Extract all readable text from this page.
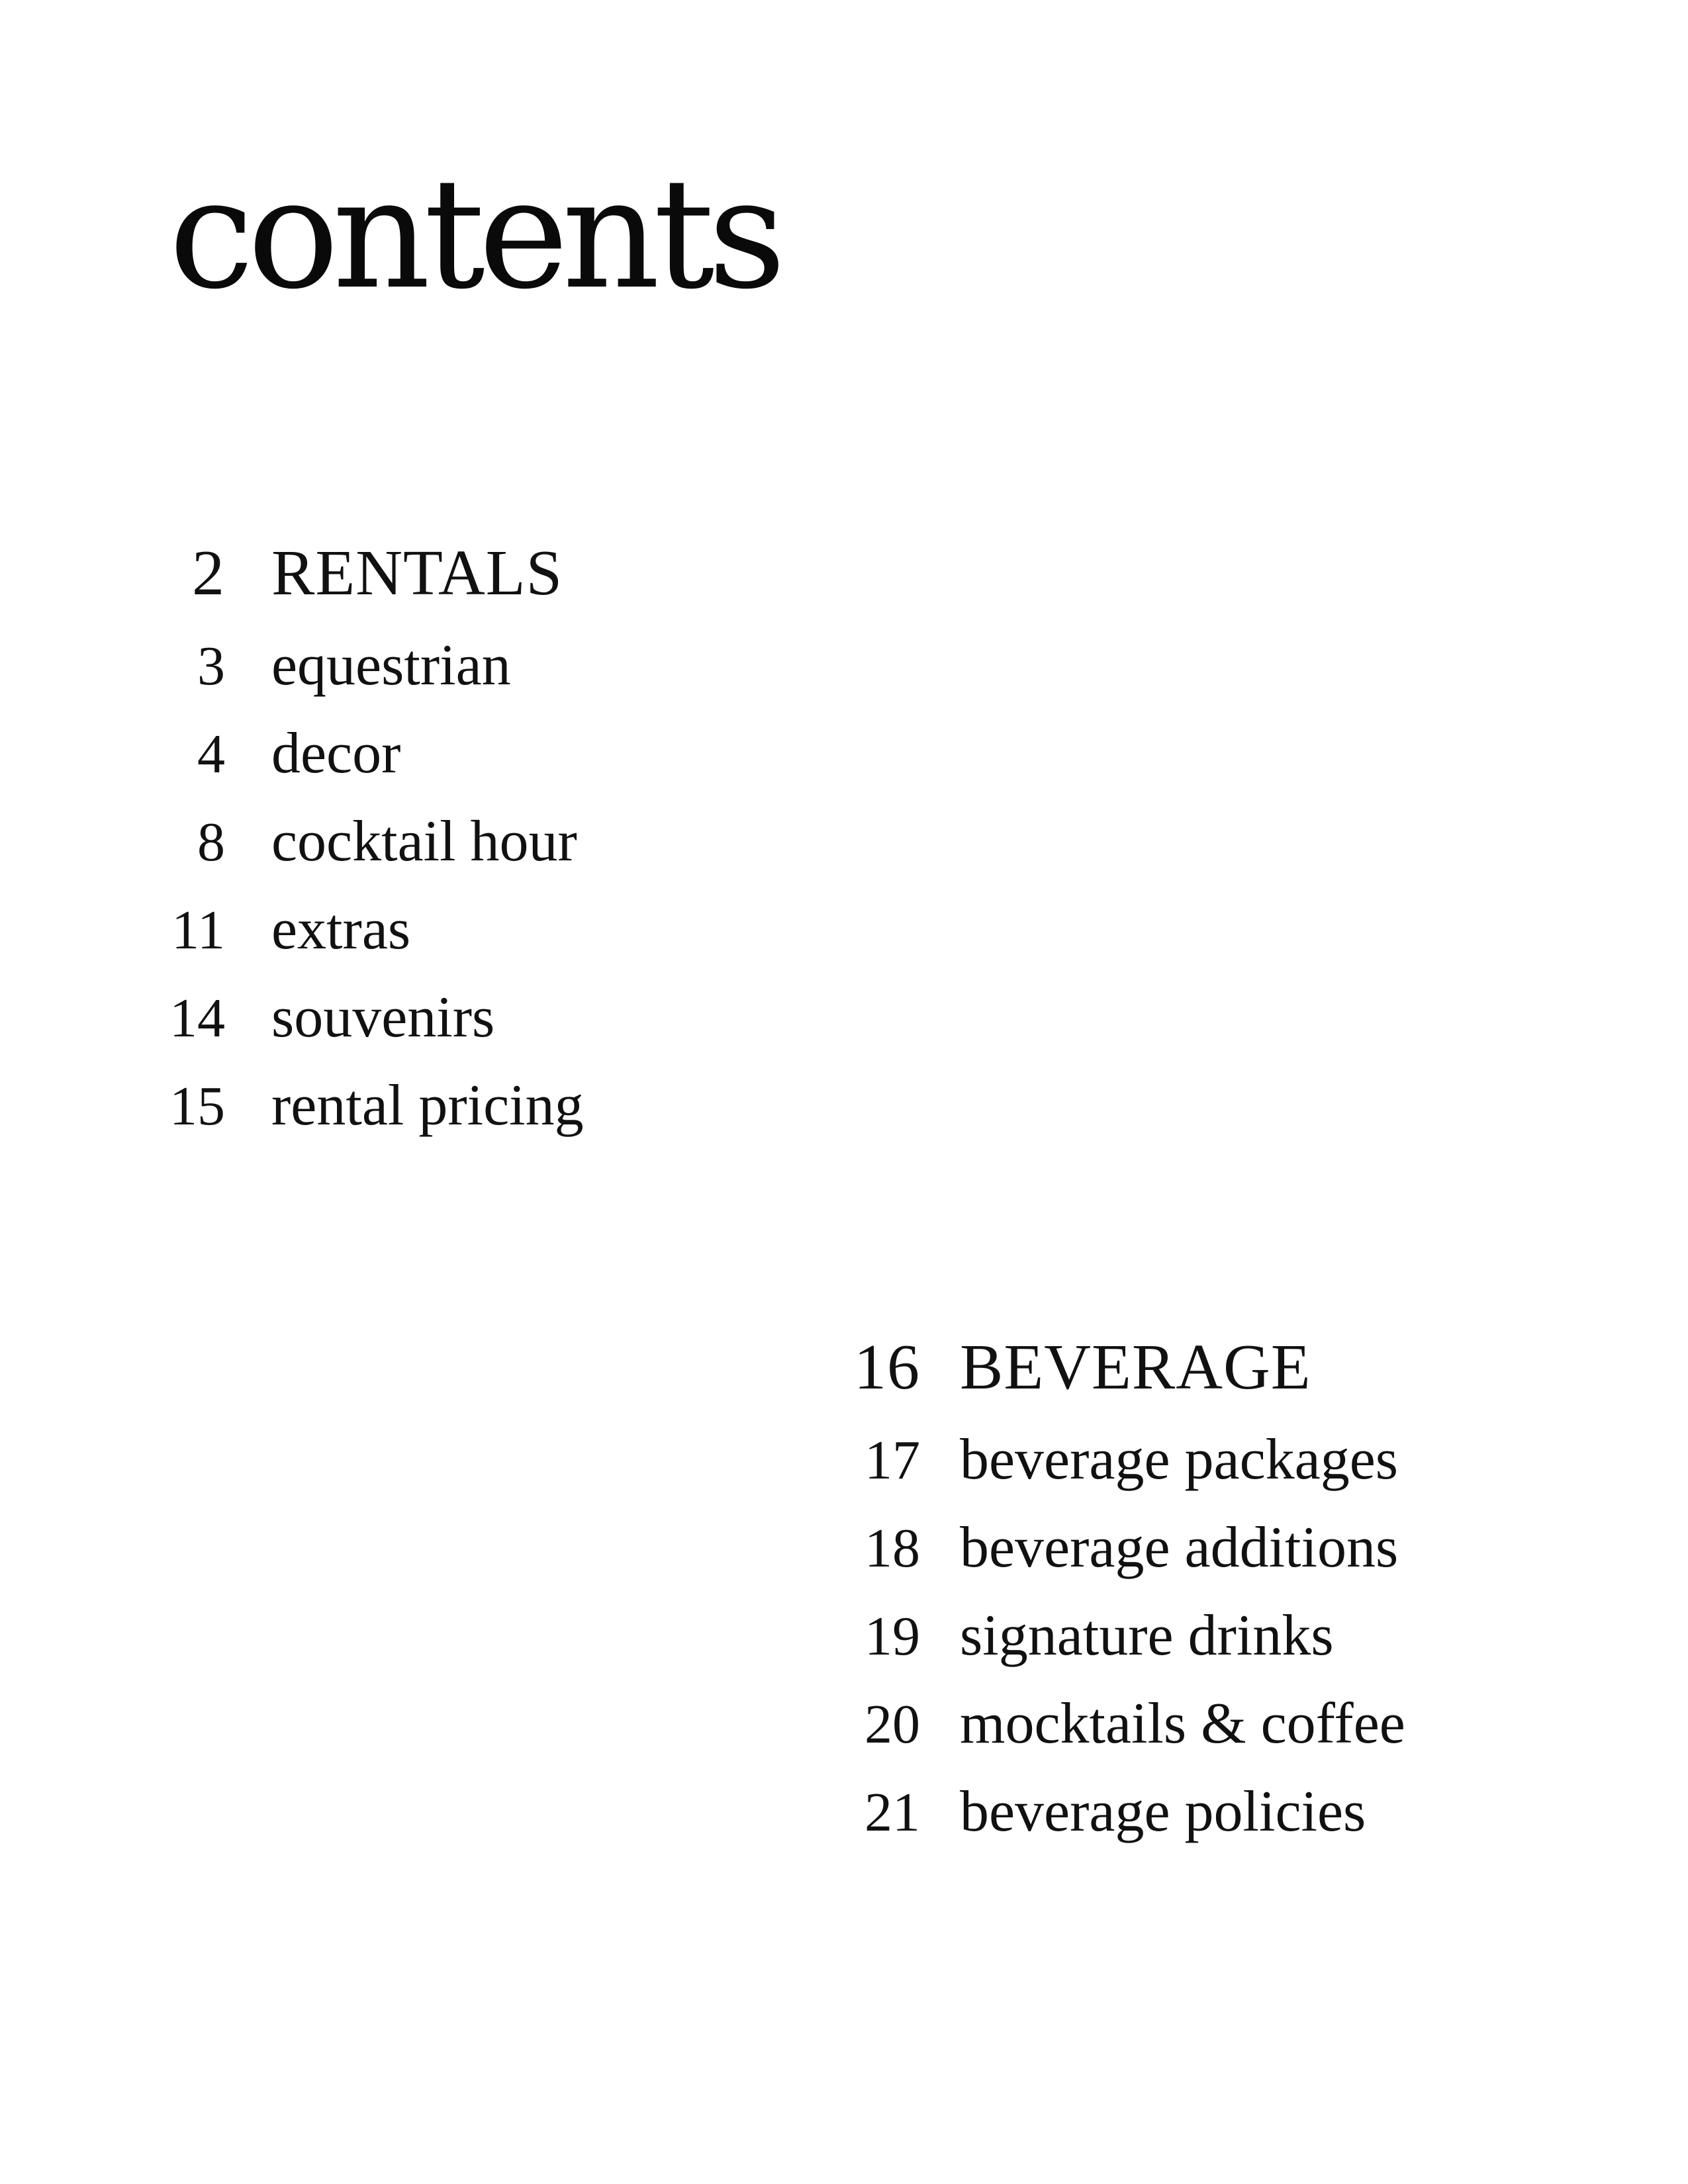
contents
2 RENTALS
3 equestrian
4 decor
8 cocktail hour
11 extras
14 souvenirs
15 rental pricing
16 BEVERAGE
17 beverage packages
18 beverage additions
19 signature drinks
20 mocktails & coffee
21 beverage policies
